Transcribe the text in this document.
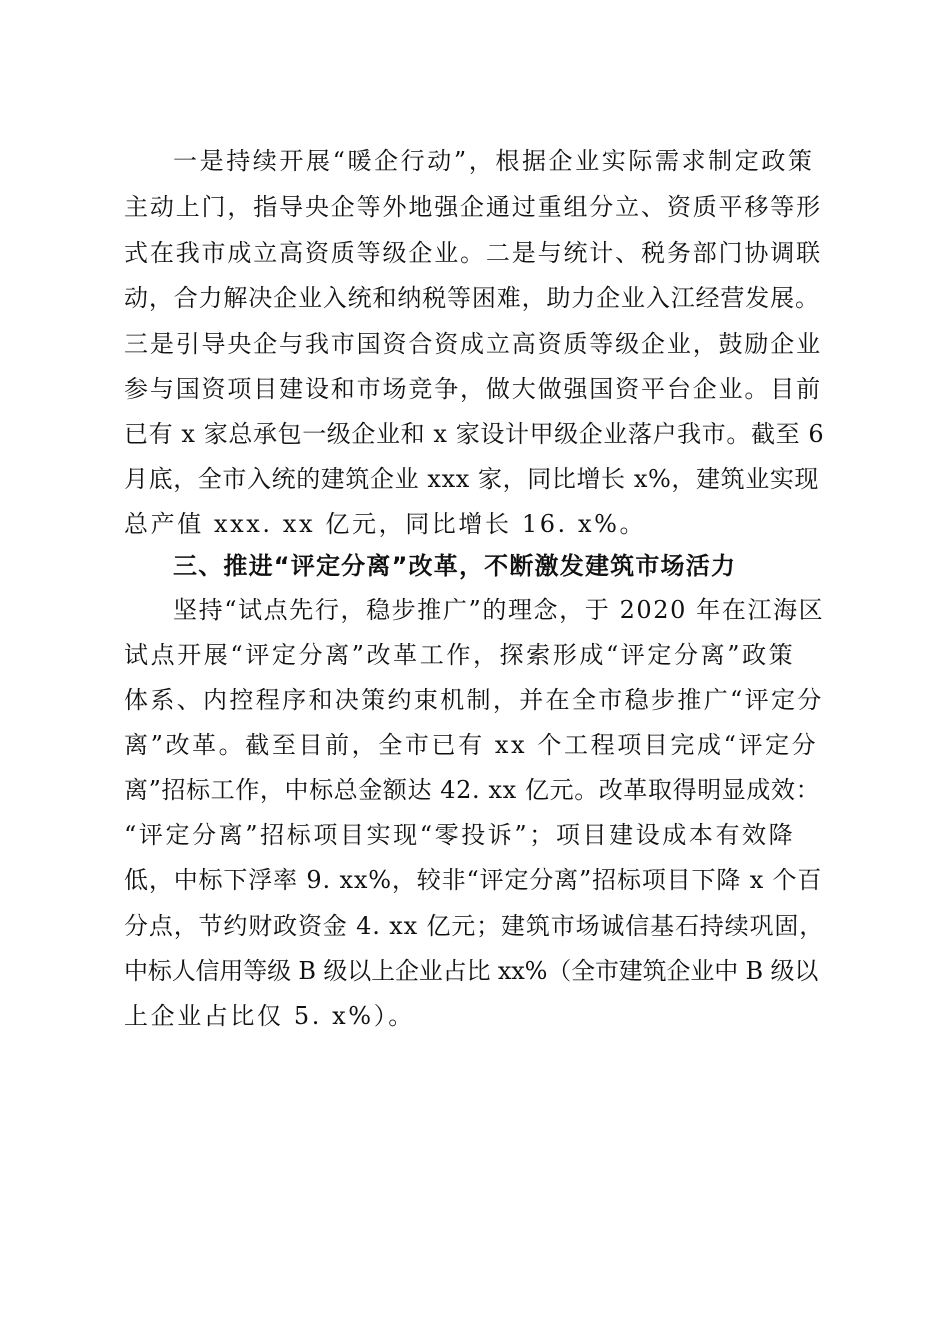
一是持续开展“暖企行动”，根据企业实际需求制定政策
主动上门，指导央企等外地强企通过重组分立、资质平移等形
式在我市成立高资质等级企业。二是与统计、税务部门协调联
动，合力解决企业入统和纳税等困难，助力企业入江经营发展。
三是引导央企与我市国资合资成立高资质等级企业，鼓励企业
参与国资项目建设和市场竞争，做大做强国资平台企业。目前
已有 x 家总承包一级企业和 x 家设计甲级企业落户我市。截至 6
月底，全市入统的建筑企业 xxx 家，同比增长 x%，建筑业实现
总产值 xxx. xx 亿元，同比增长 16. x%。
三、推进“评定分离”改革，不断激发建筑市场活力
坚持“试点先行，稳步推广”的理念，于 2020 年在江海区
试点开展“评定分离”改革工作，探索形成“评定分离”政策
体系、内控程序和决策约束机制，并在全市稳步推广“评定分
离”改革。截至目前，全市已有 xx 个工程项目完成“评定分
离”招标工作，中标总金额达 42. xx 亿元。改革取得明显成效：
“评定分离”招标项目实现“零投诉”；项目建设成本有效降
低，中标下浮率 9. xx%，较非“评定分离”招标项目下降 x 个百
分点，节约财政资金 4. xx 亿元；建筑市场诚信基石持续巩固，
中标人信用等级 B 级以上企业占比 xx%（全市建筑企业中 B 级以
上企业占比仅 5. x%）。
